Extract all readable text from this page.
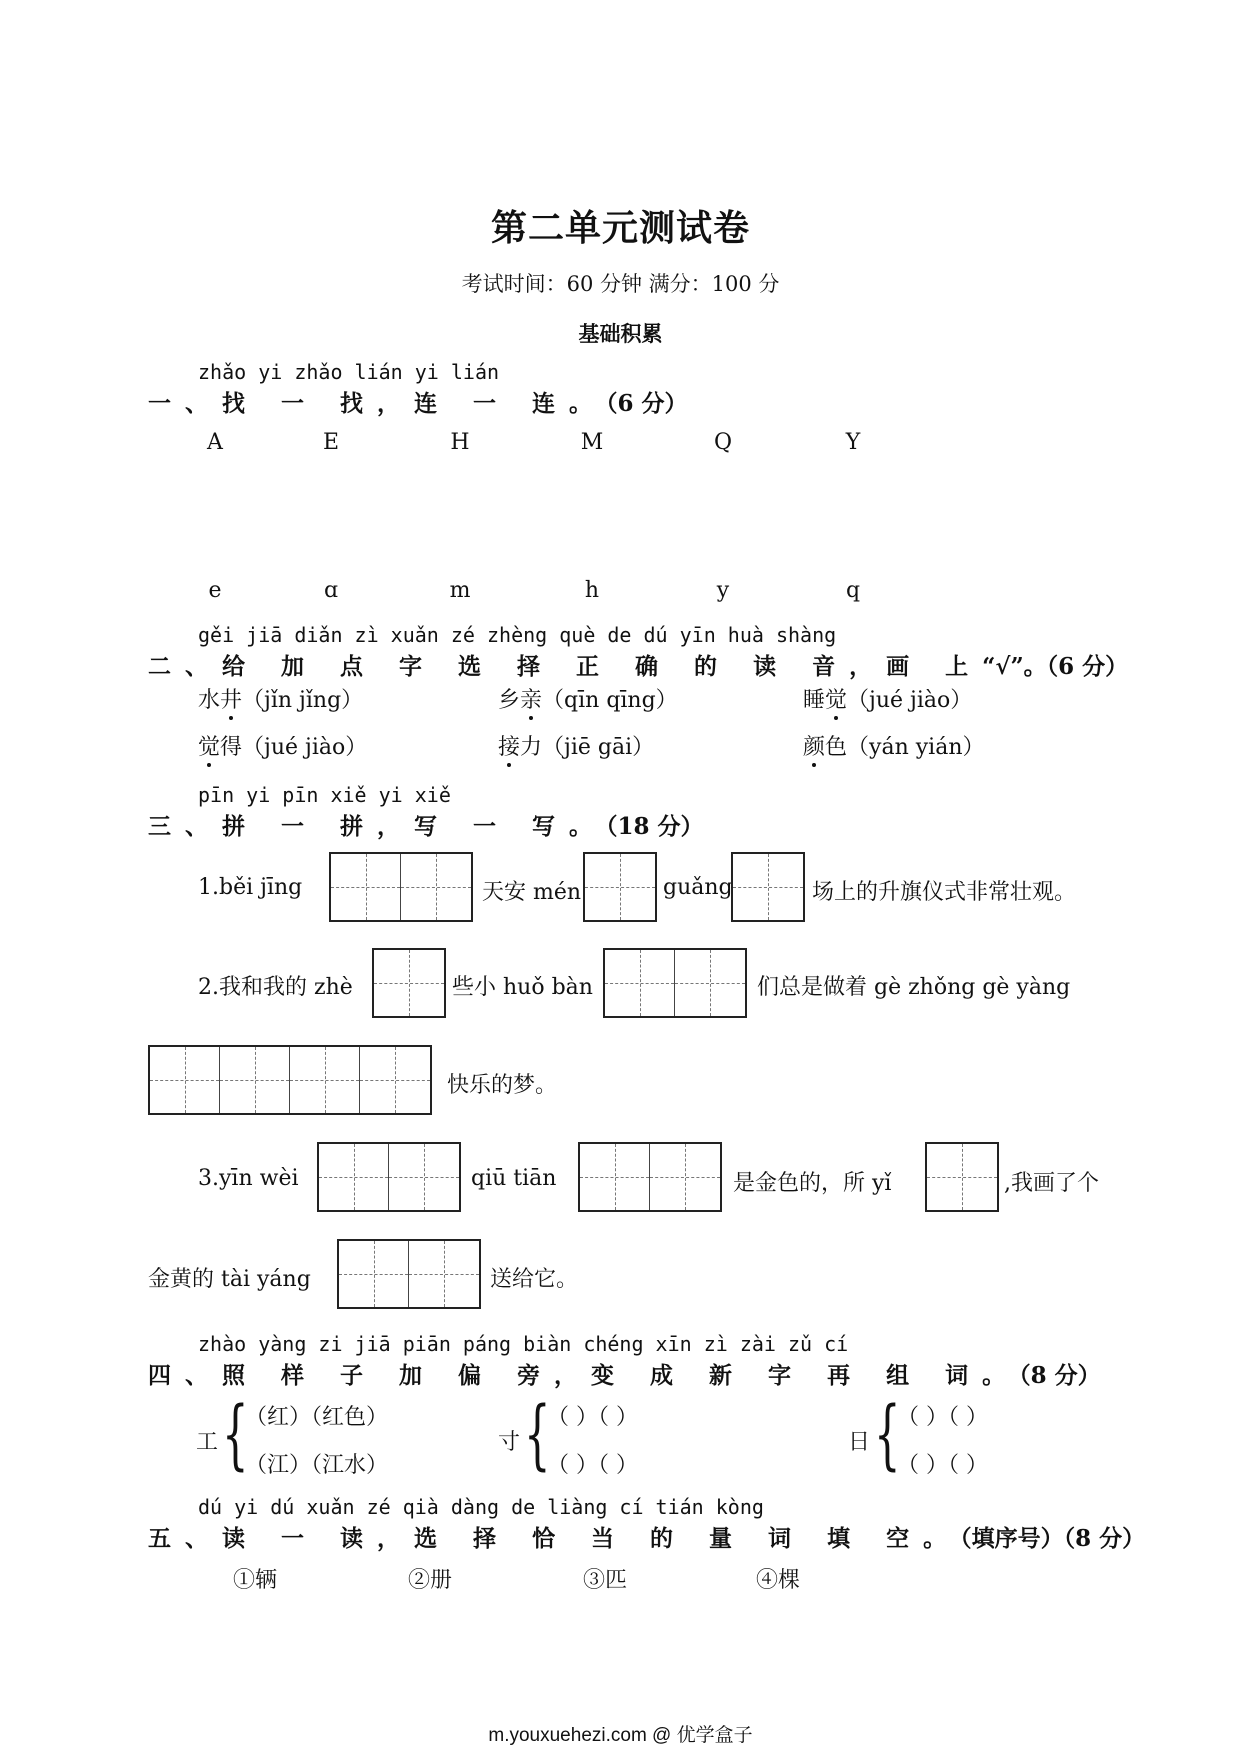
第二单元测试卷
考试时间：60 分钟 满分：100 分
基础积累
zhǎo yi zhǎo lián yi lián
一、找 一 找，连 一 连。（6 分）
A	E	H	M	Q	Y
e	ɑ	m	h	y	q
gěi jiā diǎn zì xuǎn zé zhèng què de dú yīn huà shàng
二、给 加 点 字 选 择 正 确 的 读 音，画 上“√”。（6 分）
水井（jǐn jǐng）	乡亲（qīn qīng）	睡觉（jué jiào）
觉得（jué jiào）	接力（jiē gāi）	颜色（yán yián）
pīn yi pīn xiě yi xiě
三、拼 一 拼，写 一 写。（18 分）
1.běi jīng	天安 mén	guǎng	场上的升旗仪式非常壮观。
2.我和我的 zhè	些小 huǒ bàn	们总是做着 gè zhǒng gè yàng
快乐的梦。
3.yīn wèi	qiū tiān	是金色的，所 yǐ	,我画了个
金黄的 tài yáng	送给它。
zhào yàng zi jiā piān páng biàn chéng xīn zì zài zǔ cí
四、照 样 子 加 偏 旁，变 成 新 字 再 组 词。（8 分）
工 {
（红）（红色）
（江）（江水）
寸 {
（ ）（ ）
（ ）（ ）
日 {
（ ）（ ）
（ ）（ ）
dú yi dú xuǎn zé qià dàng de liàng cí tián kòng
五、读 一 读，选 择 恰 当 的 量 词 填 空。（填序号）（8 分）
①辆	②册	③匹	④棵
m.youxuehezi.com @ 优学盒子
